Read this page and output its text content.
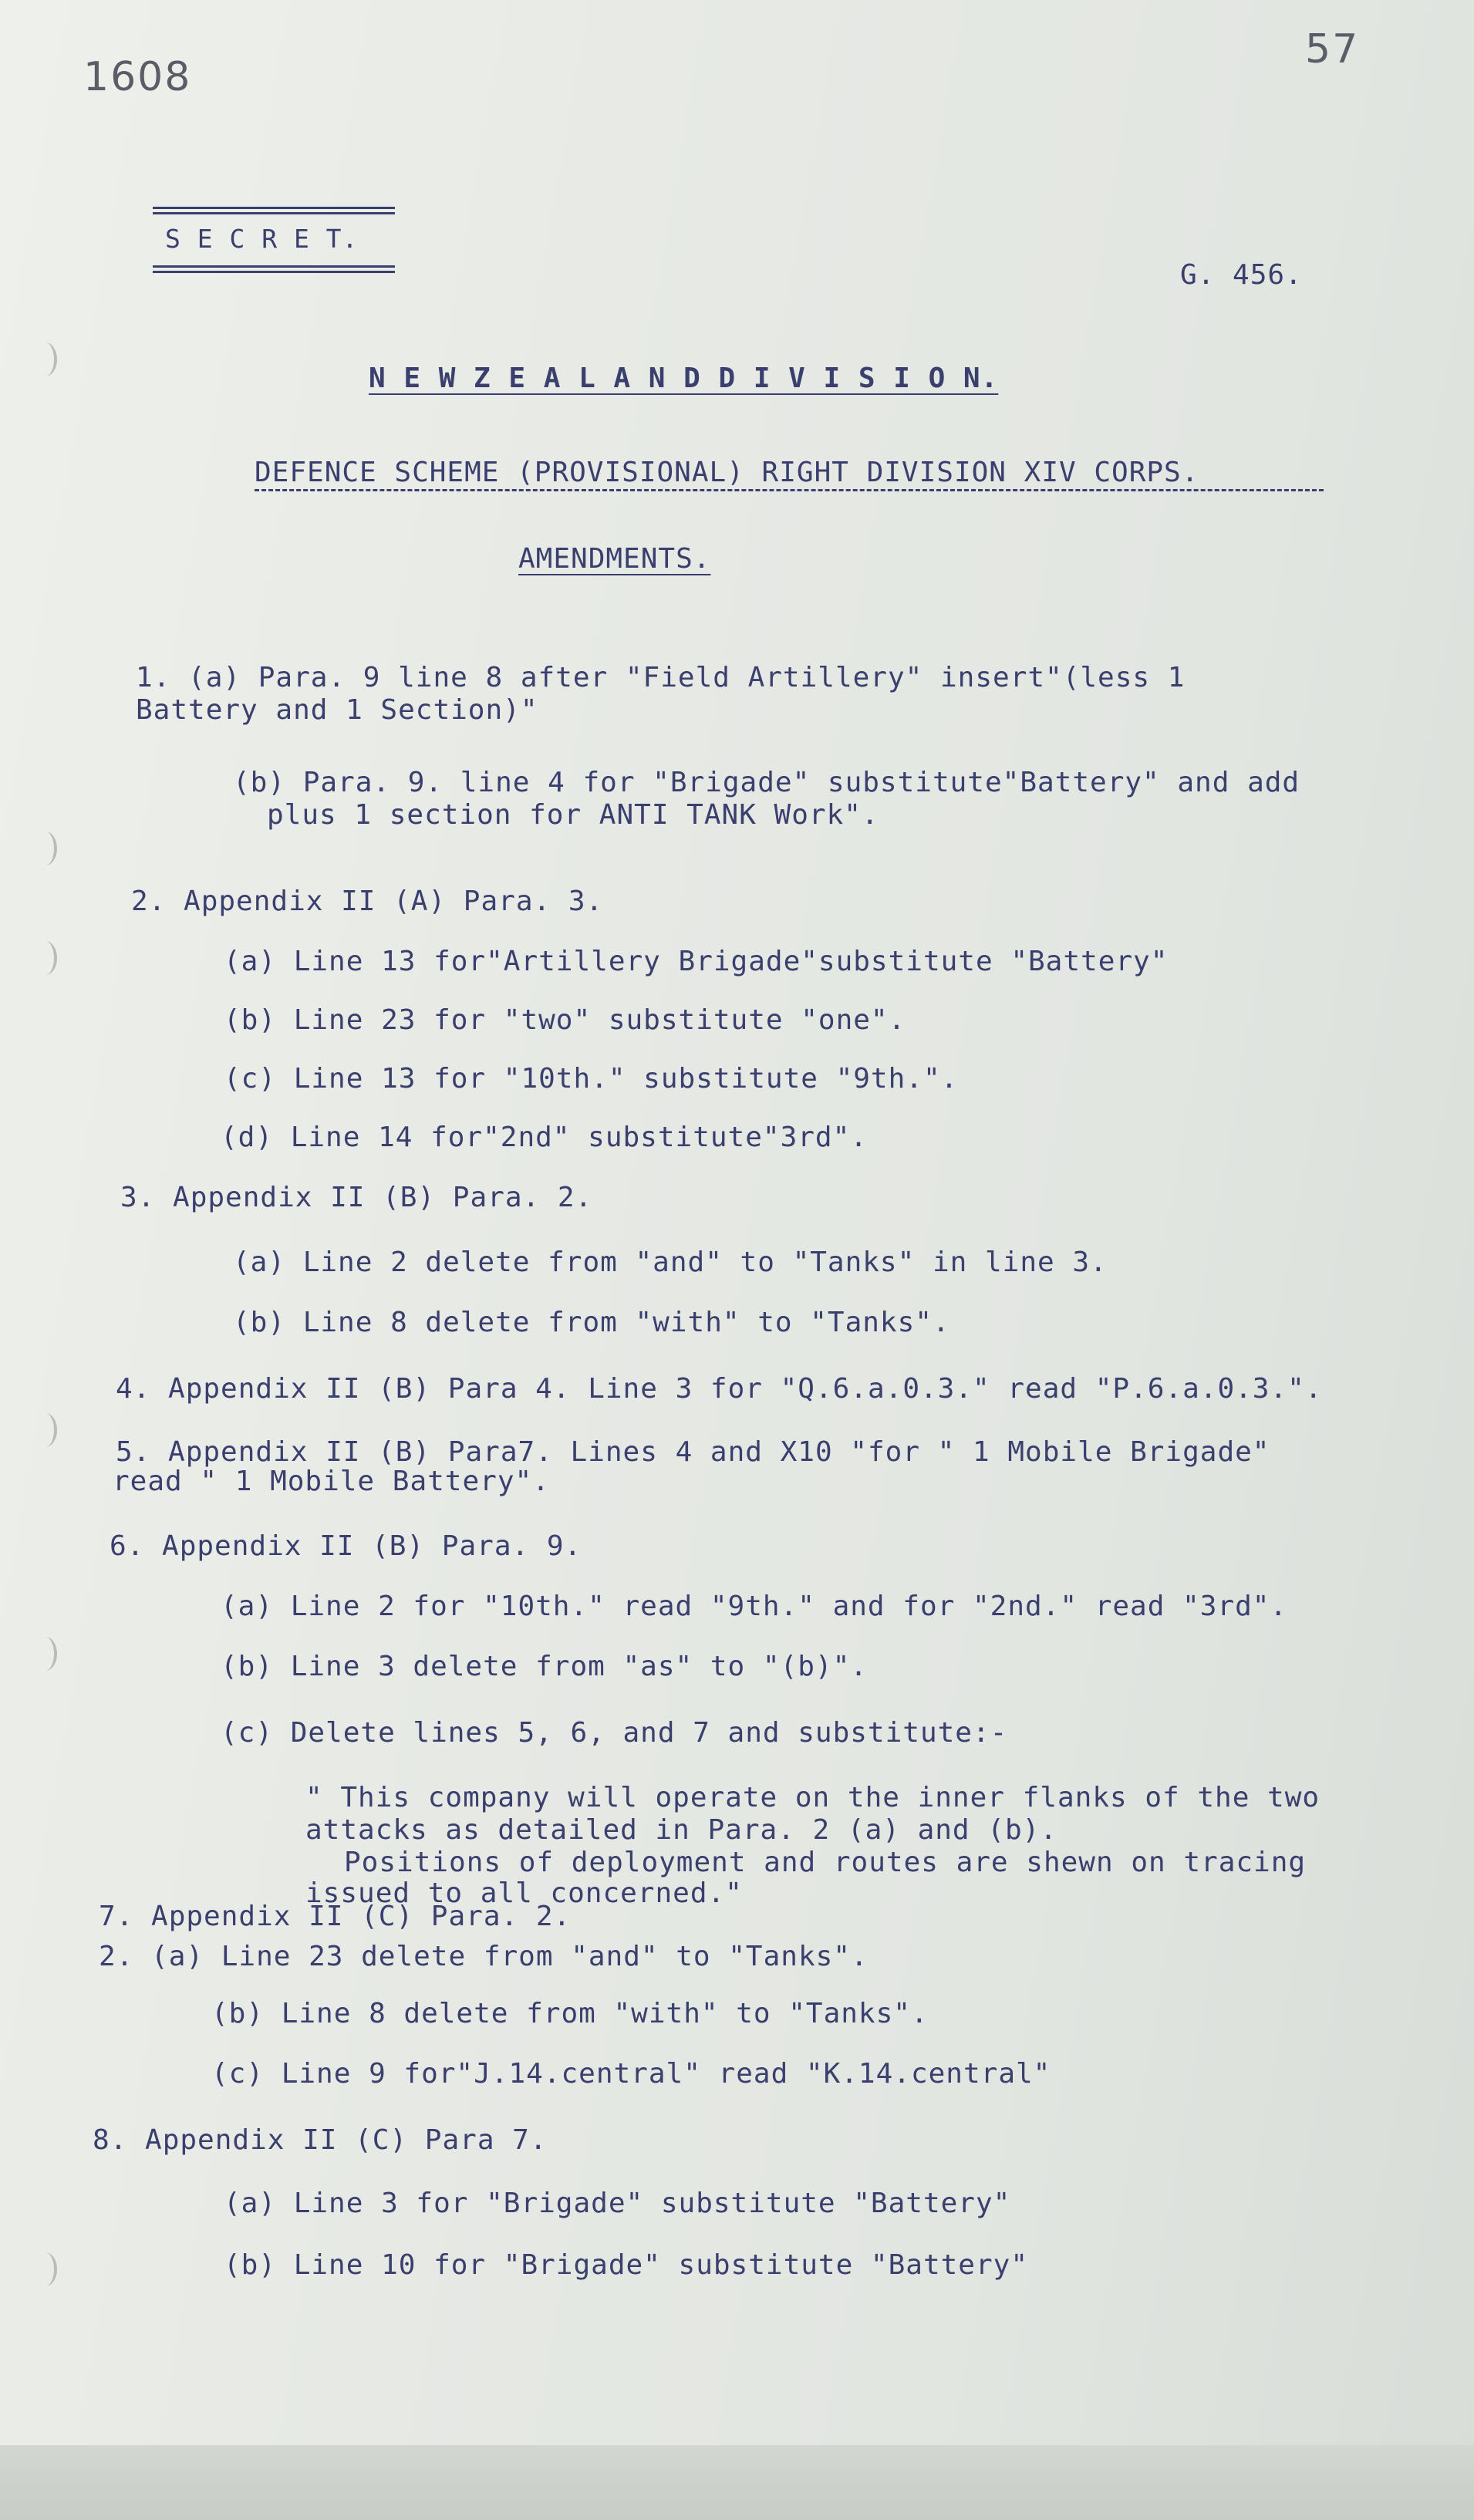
1608
57
S E C R E T.
G. 456.
N E W Z E A L A N D D I V I S I O N.
DEFENCE SCHEME (PROVISIONAL) RIGHT DIVISION XIV CORPS.
AMENDMENTS.
1. (a) Para. 9 line 8 after "Field Artillery" insert"(less 1
Battery and 1 Section)"
(b) Para. 9. line 4 for "Brigade" substitute"Battery" and add
plus 1 section for ANTI TANK Work".
2. Appendix II (A) Para. 3.
(a) Line 13 for"Artillery Brigade"substitute "Battery"
(b) Line 23 for "two" substitute "one".
(c) Line 13 for "10th." substitute "9th.".
(d) Line 14 for"2nd" substitute"3rd".
3. Appendix II (B) Para. 2.
(a) Line 2 delete from "and" to "Tanks" in line 3.
(b) Line 8 delete from "with" to "Tanks".
4. Appendix II (B) Para 4. Line 3 for "Q.6.a.0.3." read "P.6.a.0.3.".
5. Appendix II (B) Para7. Lines 4 and X10 "for " 1 Mobile Brigade"
read " 1 Mobile Battery".
6. Appendix II (B) Para. 9.
(a) Line 2 for "10th." read "9th." and for "2nd." read "3rd".
(b) Line 3 delete from "as" to "(b)".
(c) Delete lines 5, 6, and 7 and substitute:-
" This company will operate on the inner flanks of the two
attacks as detailed in Para. 2 (a) and (b).
Positions of deployment and routes are shewn on tracing
issued to all concerned."
7. Appendix II (C) Para. 2.
2. (a) Line 23 delete from "and" to "Tanks".
(b) Line 8 delete from "with" to "Tanks".
(c) Line 9 for"J.14.central" read "K.14.central"
8. Appendix II (C) Para 7.
(a) Line 3 for "Brigade" substitute "Battery"
(b) Line 10 for "Brigade" substitute "Battery"
